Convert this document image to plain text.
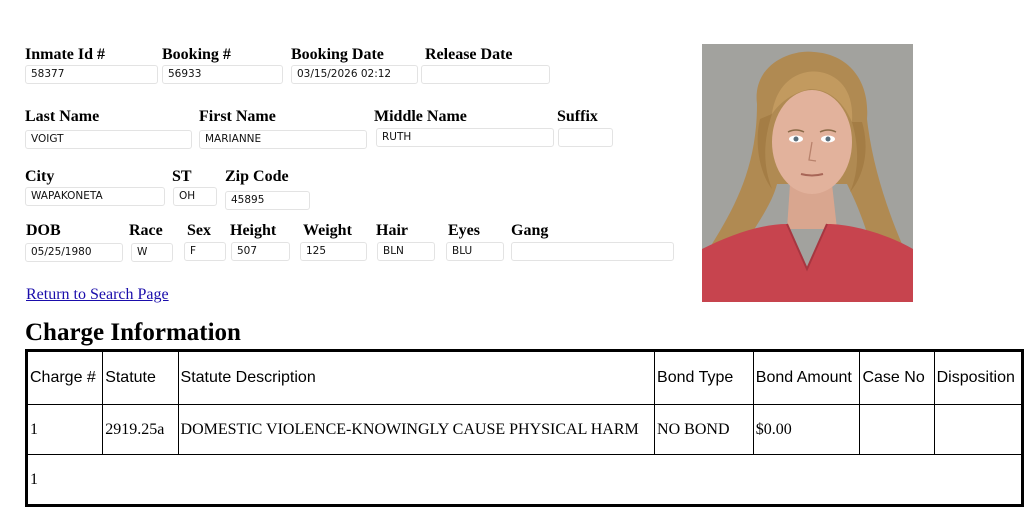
Inmate Id #
58377
Booking #
56933
Booking Date
03/15/2026 02:12
Release Date
Last Name
VOIGT
First Name
MARIANNE
Middle Name
RUTH
Suffix
City
WAPAKONETA
ST
OH
Zip Code
45895
DOB
05/25/1980
Race
W
Sex
F
Height
507
Weight
125
Hair
BLN
Eyes
BLU
Gang
Return to Search Page
Charge Information
Charge #	Statute	Statute Description	Bond Type	Bond Amount	Case No	Disposition
1	2919.25a	DOMESTIC VIOLENCE-KNOWINGLY CAUSE PHYSICAL HARM	NO BOND	$0.00		
1						
